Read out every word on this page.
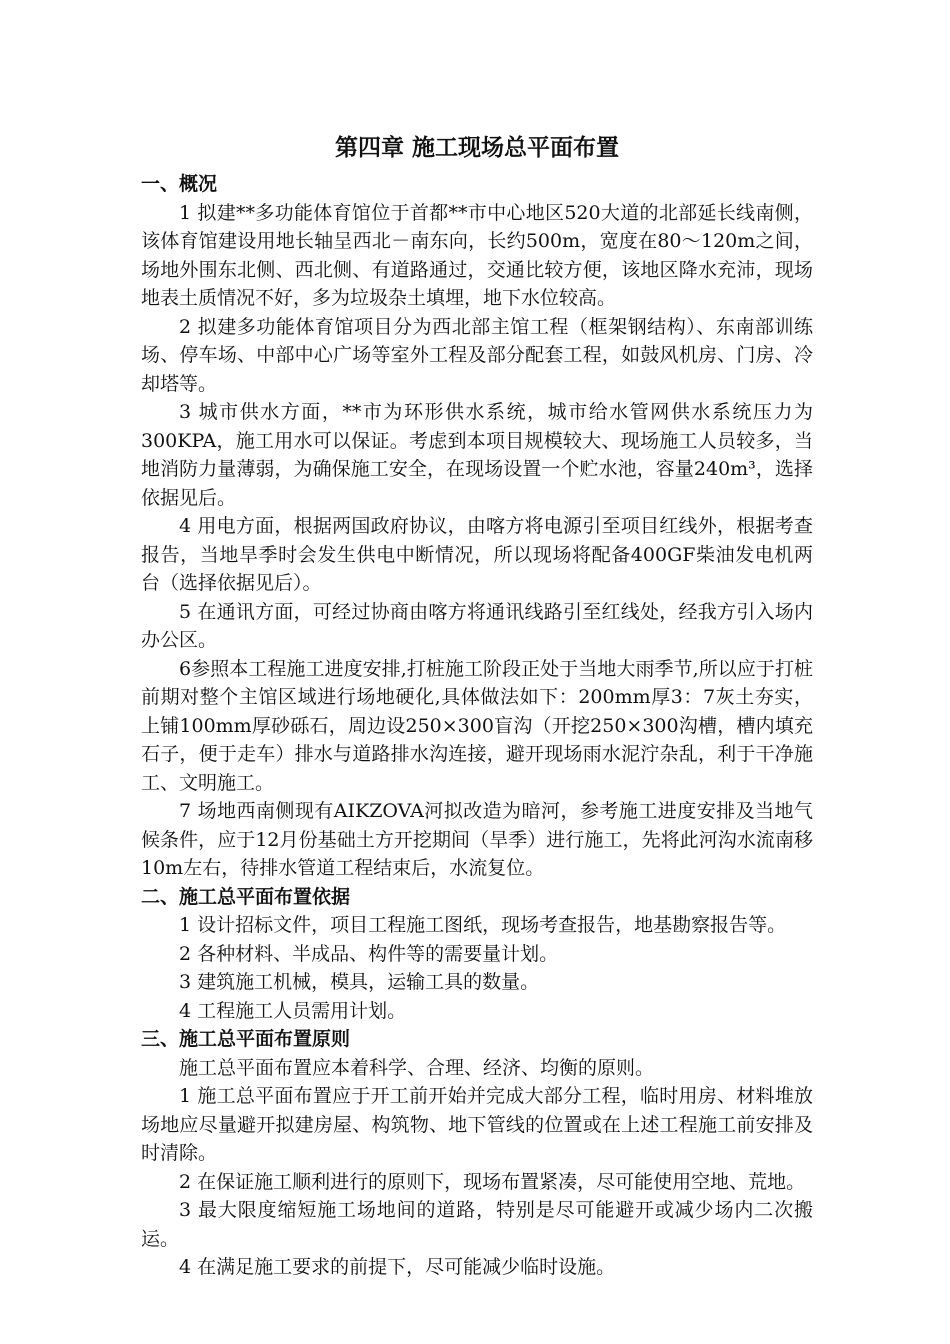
第四章 施工现场总平面布置
一、概况

1 拟建**多功能体育馆位于首都**市中心地区520大道的北部延长线南侧，该体育馆建设用地长轴呈西北－南东向，长约500m，宽度在80～120m之间，场地外围东北侧、西北侧、有道路通过，交通比较方便，该地区降水充沛，现场地表土质情况不好，多为垃圾杂土填埋，地下水位较高。

2 拟建多功能体育馆项目分为西北部主馆工程（框架钢结构）、东南部训练场、停车场、中部中心广场等室外工程及部分配套工程，如鼓风机房、门房、冷却塔等。

3 城市供水方面，**市为环形供水系统，城市给水管网供水系统压力为300KPA，施工用水可以保证。考虑到本项目规模较大、现场施工人员较多，当地消防力量薄弱，为确保施工安全，在现场设置一个贮水池，容量240m³，选择依据见后。

4 用电方面，根据两国政府协议，由喀方将电源引至项目红线外，根据考查报告，当地旱季时会发生供电中断情况，所以现场将配备400GF柴油发电机两台（选择依据见后）。

5 在通讯方面，可经过协商由喀方将通讯线路引至红线处，经我方引入场内办公区。

6参照本工程施工进度安排,打桩施工阶段正处于当地大雨季节,所以应于打桩前期对整个主馆区域进行场地硬化,具体做法如下：200mm厚3：7灰土夯实，上铺100mm厚砂砾石，周边设250×300盲沟（开挖250×300沟槽，槽内填充石子，便于走车）排水与道路排水沟连接，避开现场雨水泥泞杂乱，利于干净施工、文明施工。

7 场地西南侧现有AIKZOVA河拟改造为暗河，参考施工进度安排及当地气候条件，应于12月份基础土方开挖期间（旱季）进行施工，先将此河沟水流南移10m左右，待排水管道工程结束后，水流复位。

二、施工总平面布置依据

1 设计招标文件，项目工程施工图纸，现场考查报告，地基勘察报告等。

2 各种材料、半成品、构件等的需要量计划。

3 建筑施工机械，模具，运输工具的数量。

4 工程施工人员需用计划。

三、施工总平面布置原则

施工总平面布置应本着科学、合理、经济、均衡的原则。

1 施工总平面布置应于开工前开始并完成大部分工程，临时用房、材料堆放场地应尽量避开拟建房屋、构筑物、地下管线的位置或在上述工程施工前安排及时清除。

2 在保证施工顺利进行的原则下，现场布置紧凑，尽可能使用空地、荒地。

3 最大限度缩短施工场地间的道路，特别是尽可能避开或减少场内二次搬运。

4 在满足施工要求的前提下，尽可能减少临时设施。
